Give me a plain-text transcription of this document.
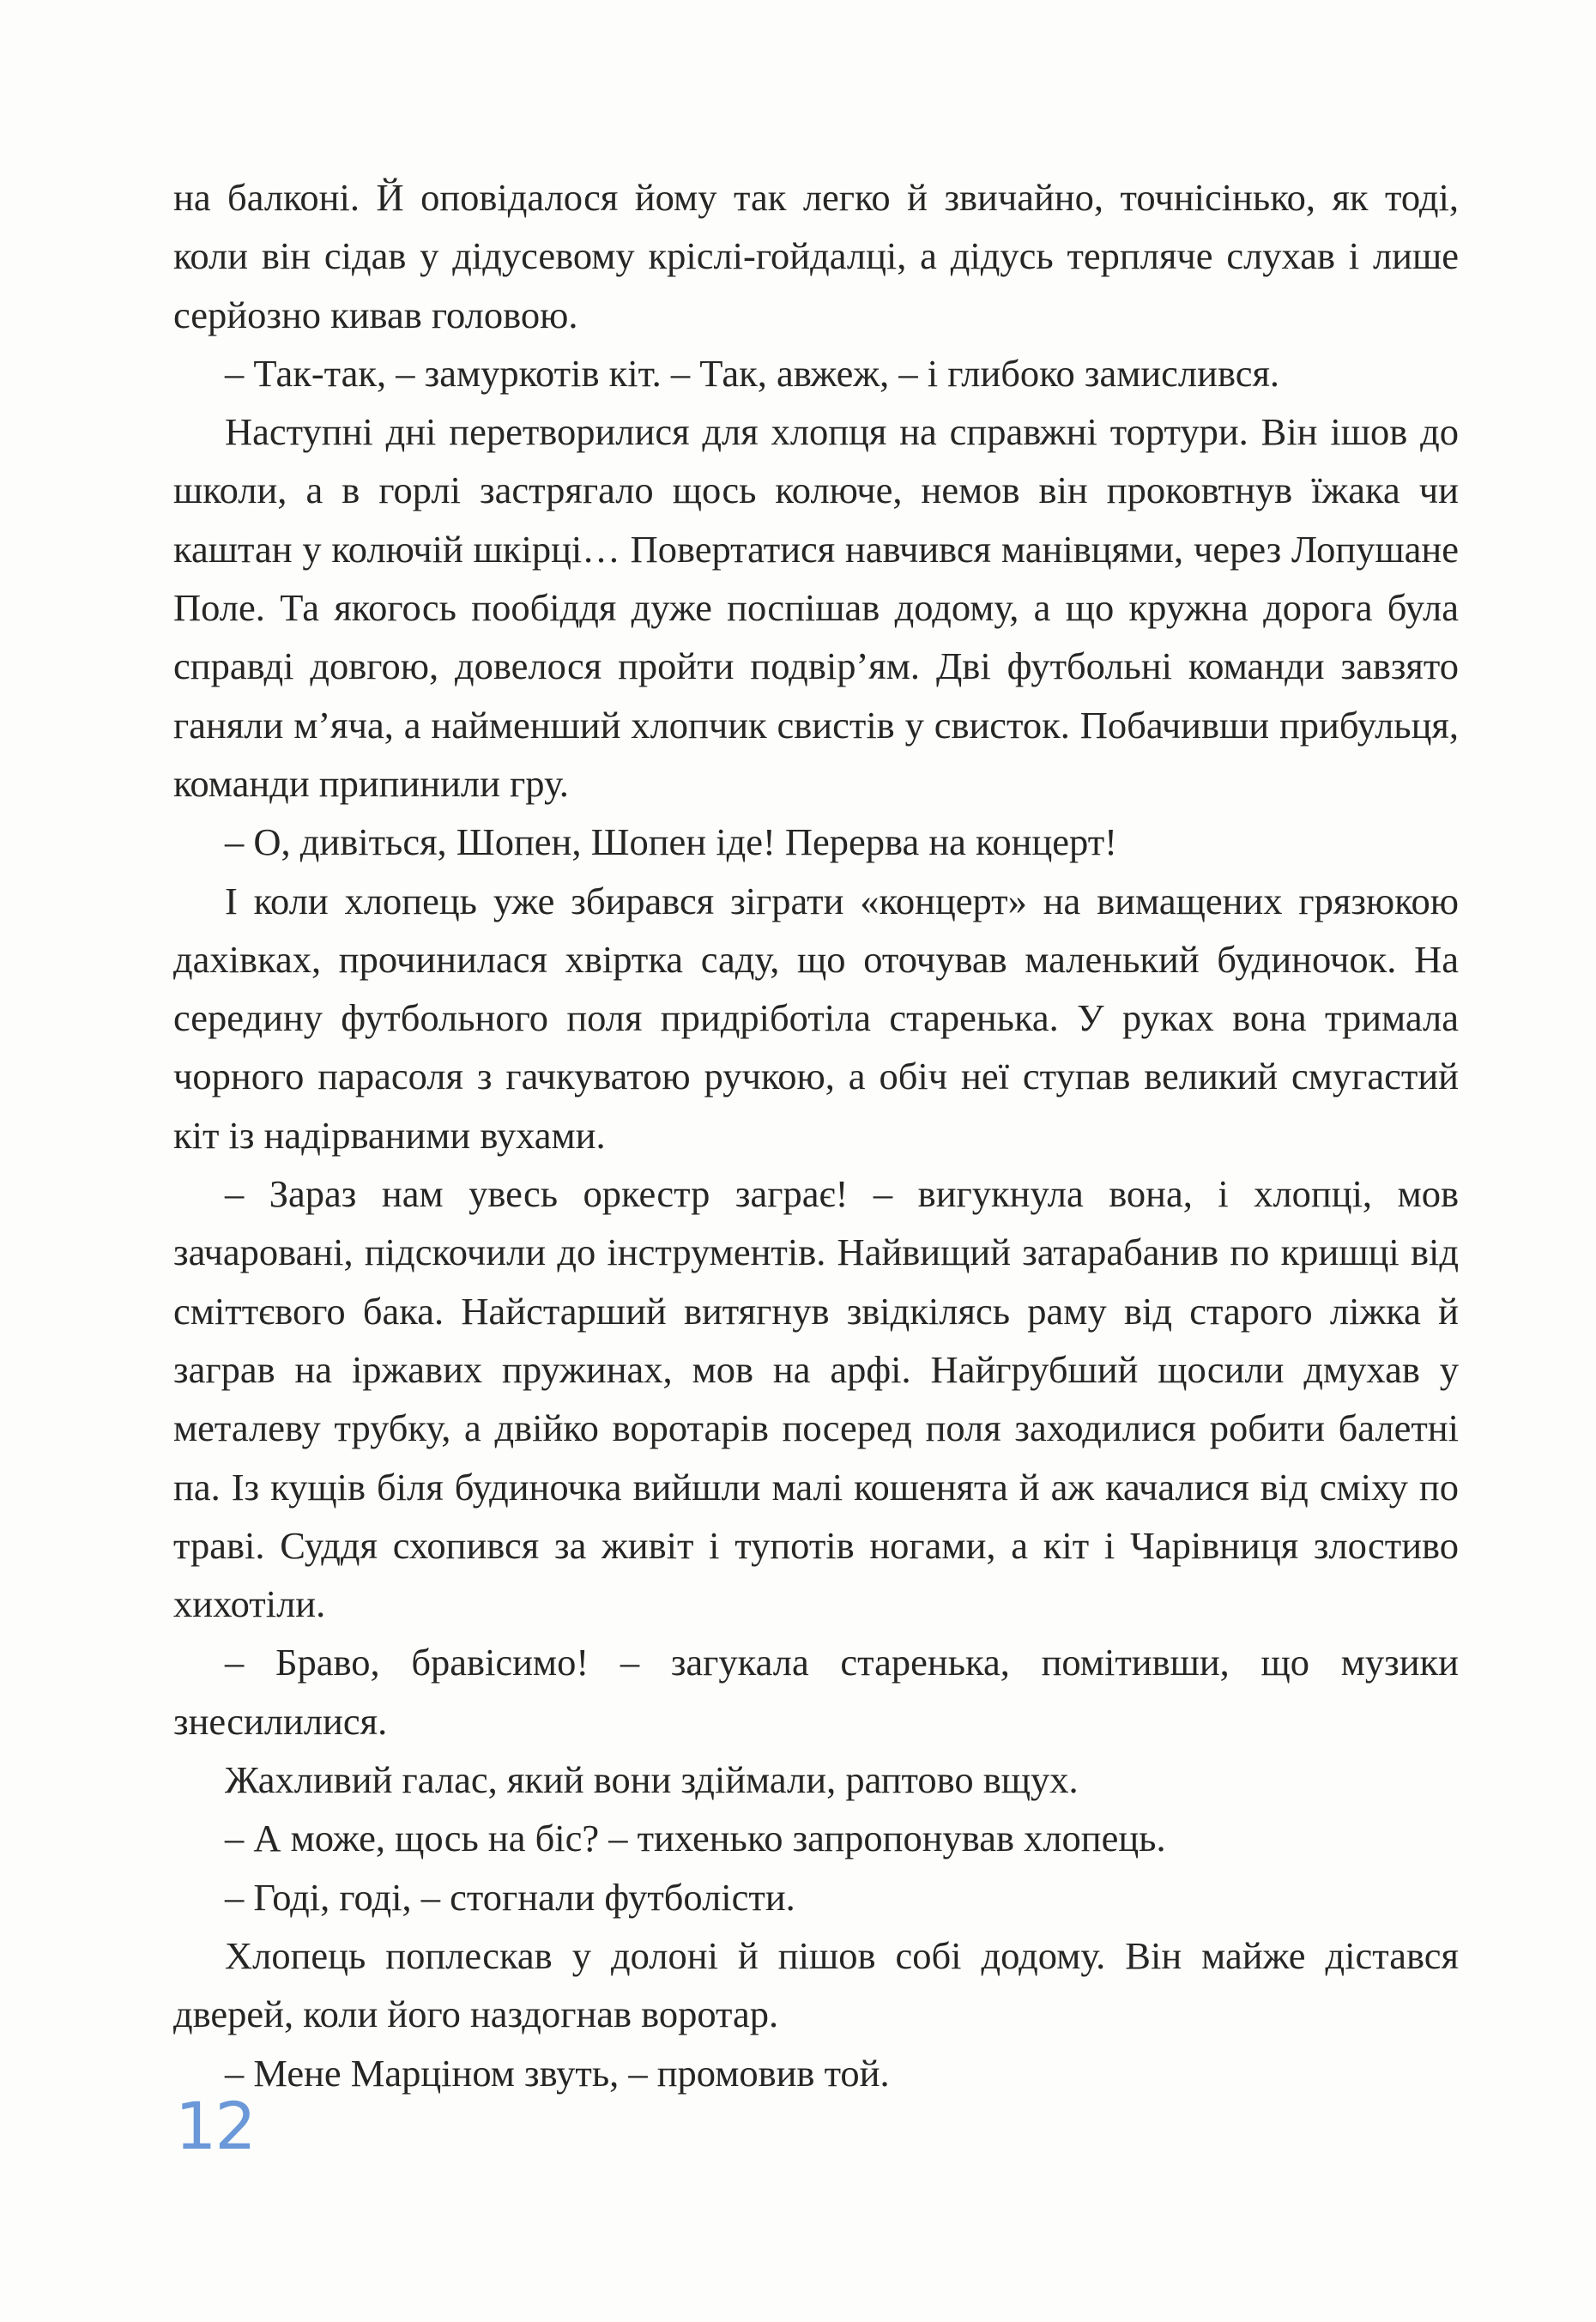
на балконі. Й оповідалося йому так легко й звичайно, точнісінько, як тоді, коли він сідав у дідусевому кріслі-гойдалці, а дідусь терпляче слухав і лише серйозно кивав головою.

– Так-так, – замуркотів кіт. – Так, авжеж, – і глибоко замислився.

Наступні дні перетворилися для хлопця на справжні тортури. Він ішов до школи, а в горлі застрягало щось колюче, немов він проковтнув їжака чи каштан у колючій шкірці… Повертатися навчився манівцями, через Лопушане Поле. Та якогось пообіддя дуже поспішав додому, а що кружна дорога була справді довгою, довелося пройти подвір’ям. Дві футбольні команди завзято ганяли м’яча, а найменший хлопчик свистів у свисток. Побачивши прибульця, команди припинили гру.

– О, дивіться, Шопен, Шопен іде! Перерва на концерт!

І коли хлопець уже збирався зіграти «концерт» на вимащених грязюкою дахівках, прочинилася хвіртка саду, що оточував маленький будиночок. На середину футбольного поля придріботіла старенька. У руках вона тримала чорного парасоля з гачкуватою ручкою, а обіч неї ступав великий смугастий кіт із надірваними вухами.

– Зараз нам увесь оркестр заграє! – вигукнула вона, і хлопці, мов зачаровані, підскочили до інструментів. Найвищий затарабанив по кришці від сміттєвого бака. Найстарший витягнув звідкілясь раму від старого ліжка й заграв на іржавих пружинах, мов на арфі. Найгрубший щосили дмухав у металеву трубку, а двійко воротарів посеред поля заходилися робити балетні па. Із кущів біля будиночка вийшли малі кошенята й аж качалися від сміху по траві. Суддя схопився за живіт і тупотів ногами, а кіт і Чарівниця злостиво хихотіли.

– Браво, бравісимо! – загукала старенька, помітивши, що музики знесилилися.

Жахливий галас, який вони здіймали, раптово вщух.

– А може, щось на біс? – тихенько запропонував хлопець.

– Годі, годі, – стогнали футболісти.

Хлопець поплескав у долоні й пішов собі додому. Він майже дістався дверей, коли його наздогнав воротар.

– Мене Марціном звуть, – промовив той.

12
